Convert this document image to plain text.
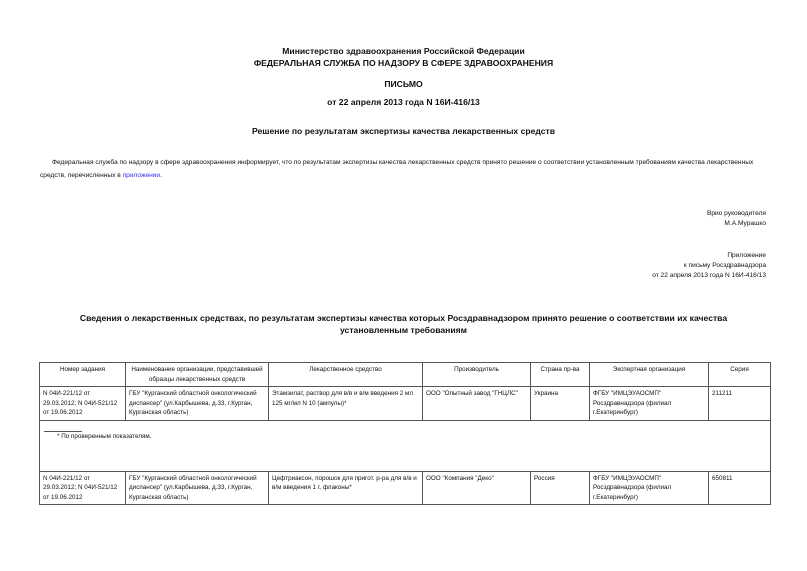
Министерство здравоохранения Российской Федерации
ФЕДЕРАЛЬНАЯ СЛУЖБА ПО НАДЗОРУ В СФЕРЕ ЗДРАВООХРАНЕНИЯ
ПИСЬМО
от 22 апреля 2013 года N 16И-416/13
Решение по результатам экспертизы качества лекарственных средств
Федеральная служба по надзору в сфере здравоохранения информирует, что по результатам экспертизы качества лекарственных средств принято решение о соответствии установленным требованиям качества лекарственных средств, перечисленных в приложении.
Врио руководителя
М.А.Мурашко
Приложение
к письму Росздравнадзора
от 22 апреля 2013 года N 16И-416/13
Сведения о лекарственных средствах, по результатам экспертизы качества которых Росздравнадзором принято решение о соответствии их качества установленным требованиям
Номер задания	Наименование организации, представившей образцы лекарственных средств	Лекарственное средство	Производитель	Страна пр-ва	Экспертная организация	Серия
N 04И-221/12 от 29.03.2012; N 04И-521/12 от 19.06.2012	ГБУ "Курганский областной онкологический диспансер" (ул.Карбышева, д.33, г.Курган, Курганская область)	Этамзилат, раствор для в/в и в/м введения 2 мл 125 мг/мл N 10 (ампулы)*	ООО "Опытный завод "ГНЦЛС"	Украина	ФГБУ "ИМЦЭУАОСМП" Росздравнадзора (филиал г.Екатеринбург)	211211

* По проверенным показателям.						

N 04И-221/12 от 29.03.2012; N 04И-521/12 от 19.06.2012	ГБУ "Курганский областной онкологический диспансер" (ул.Карбышева, д.33, г.Курган, Курганская область)	Цефтриаксон, порошок для пригот. р-ра для в/в и в/м введения 1 г, флаконы*	ООО "Компания "Деко"	Россия	ФГБУ "ИМЦЭУАОСМП" Росздравнадзора (филиал г.Екатеринбург)	650811
